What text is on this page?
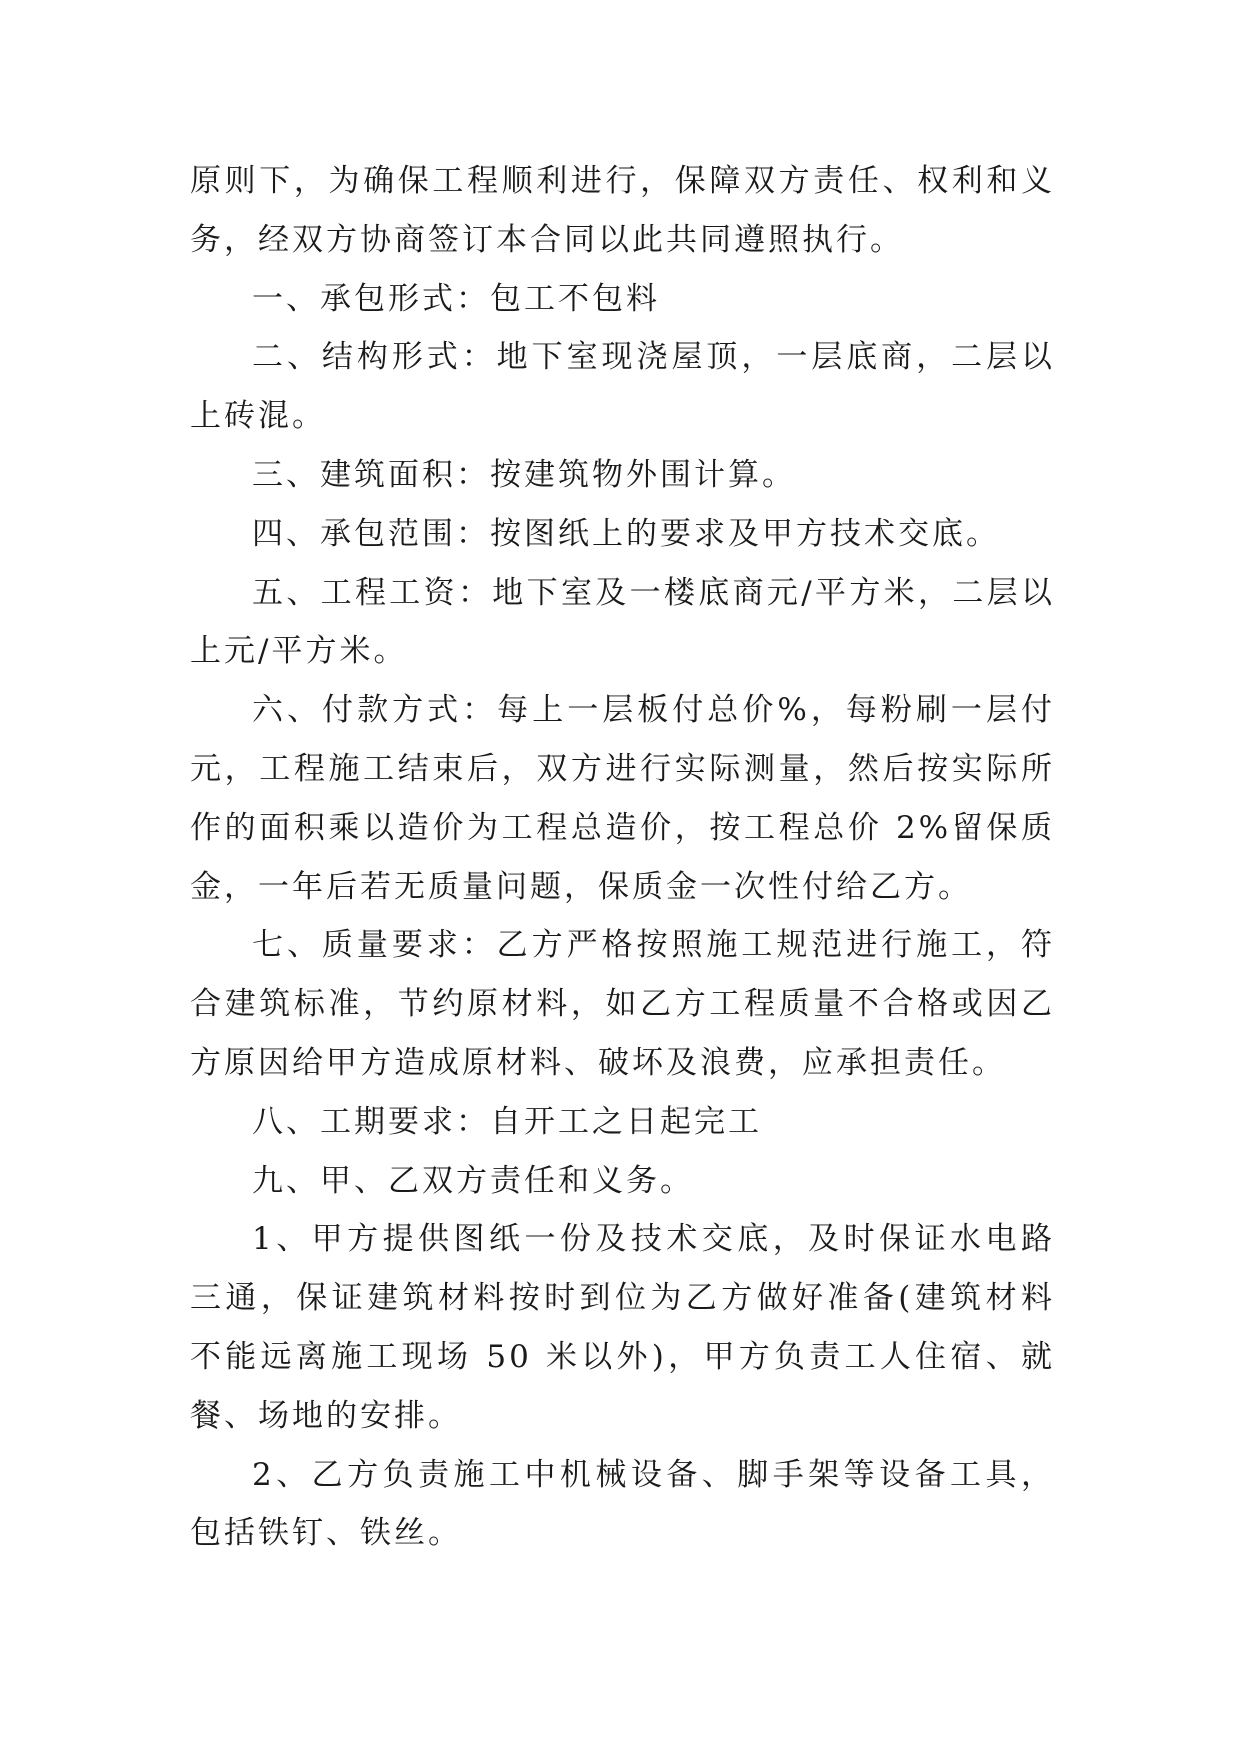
原则下，为确保工程顺利进行，保障双方责任、权利和义务，经双方协商签订本合同以此共同遵照执行。

一、承包形式：包工不包料

二、结构形式：地下室现浇屋顶，一层底商，二层以上砖混。

三、建筑面积：按建筑物外围计算。

四、承包范围：按图纸上的要求及甲方技术交底。

五、工程工资：地下室及一楼底商元/平方米，二层以上元/平方米。

六、付款方式：每上一层板付总价%，每粉刷一层付元，工程施工结束后，双方进行实际测量，然后按实际所作的面积乘以造价为工程总造价，按工程总价 2%留保质金，一年后若无质量问题，保质金一次性付给乙方。

七、质量要求：乙方严格按照施工规范进行施工，符合建筑标准，节约原材料，如乙方工程质量不合格或因乙方原因给甲方造成原材料、破坏及浪费，应承担责任。

八、工期要求：自开工之日起完工

九、甲、乙双方责任和义务。

1、甲方提供图纸一份及技术交底，及时保证水电路三通，保证建筑材料按时到位为乙方做好准备(建筑材料不能远离施工现场 50 米以外)，甲方负责工人住宿、就餐、场地的安排。

2、乙方负责施工中机械设备、脚手架等设备工具，包括铁钉、铁丝。
